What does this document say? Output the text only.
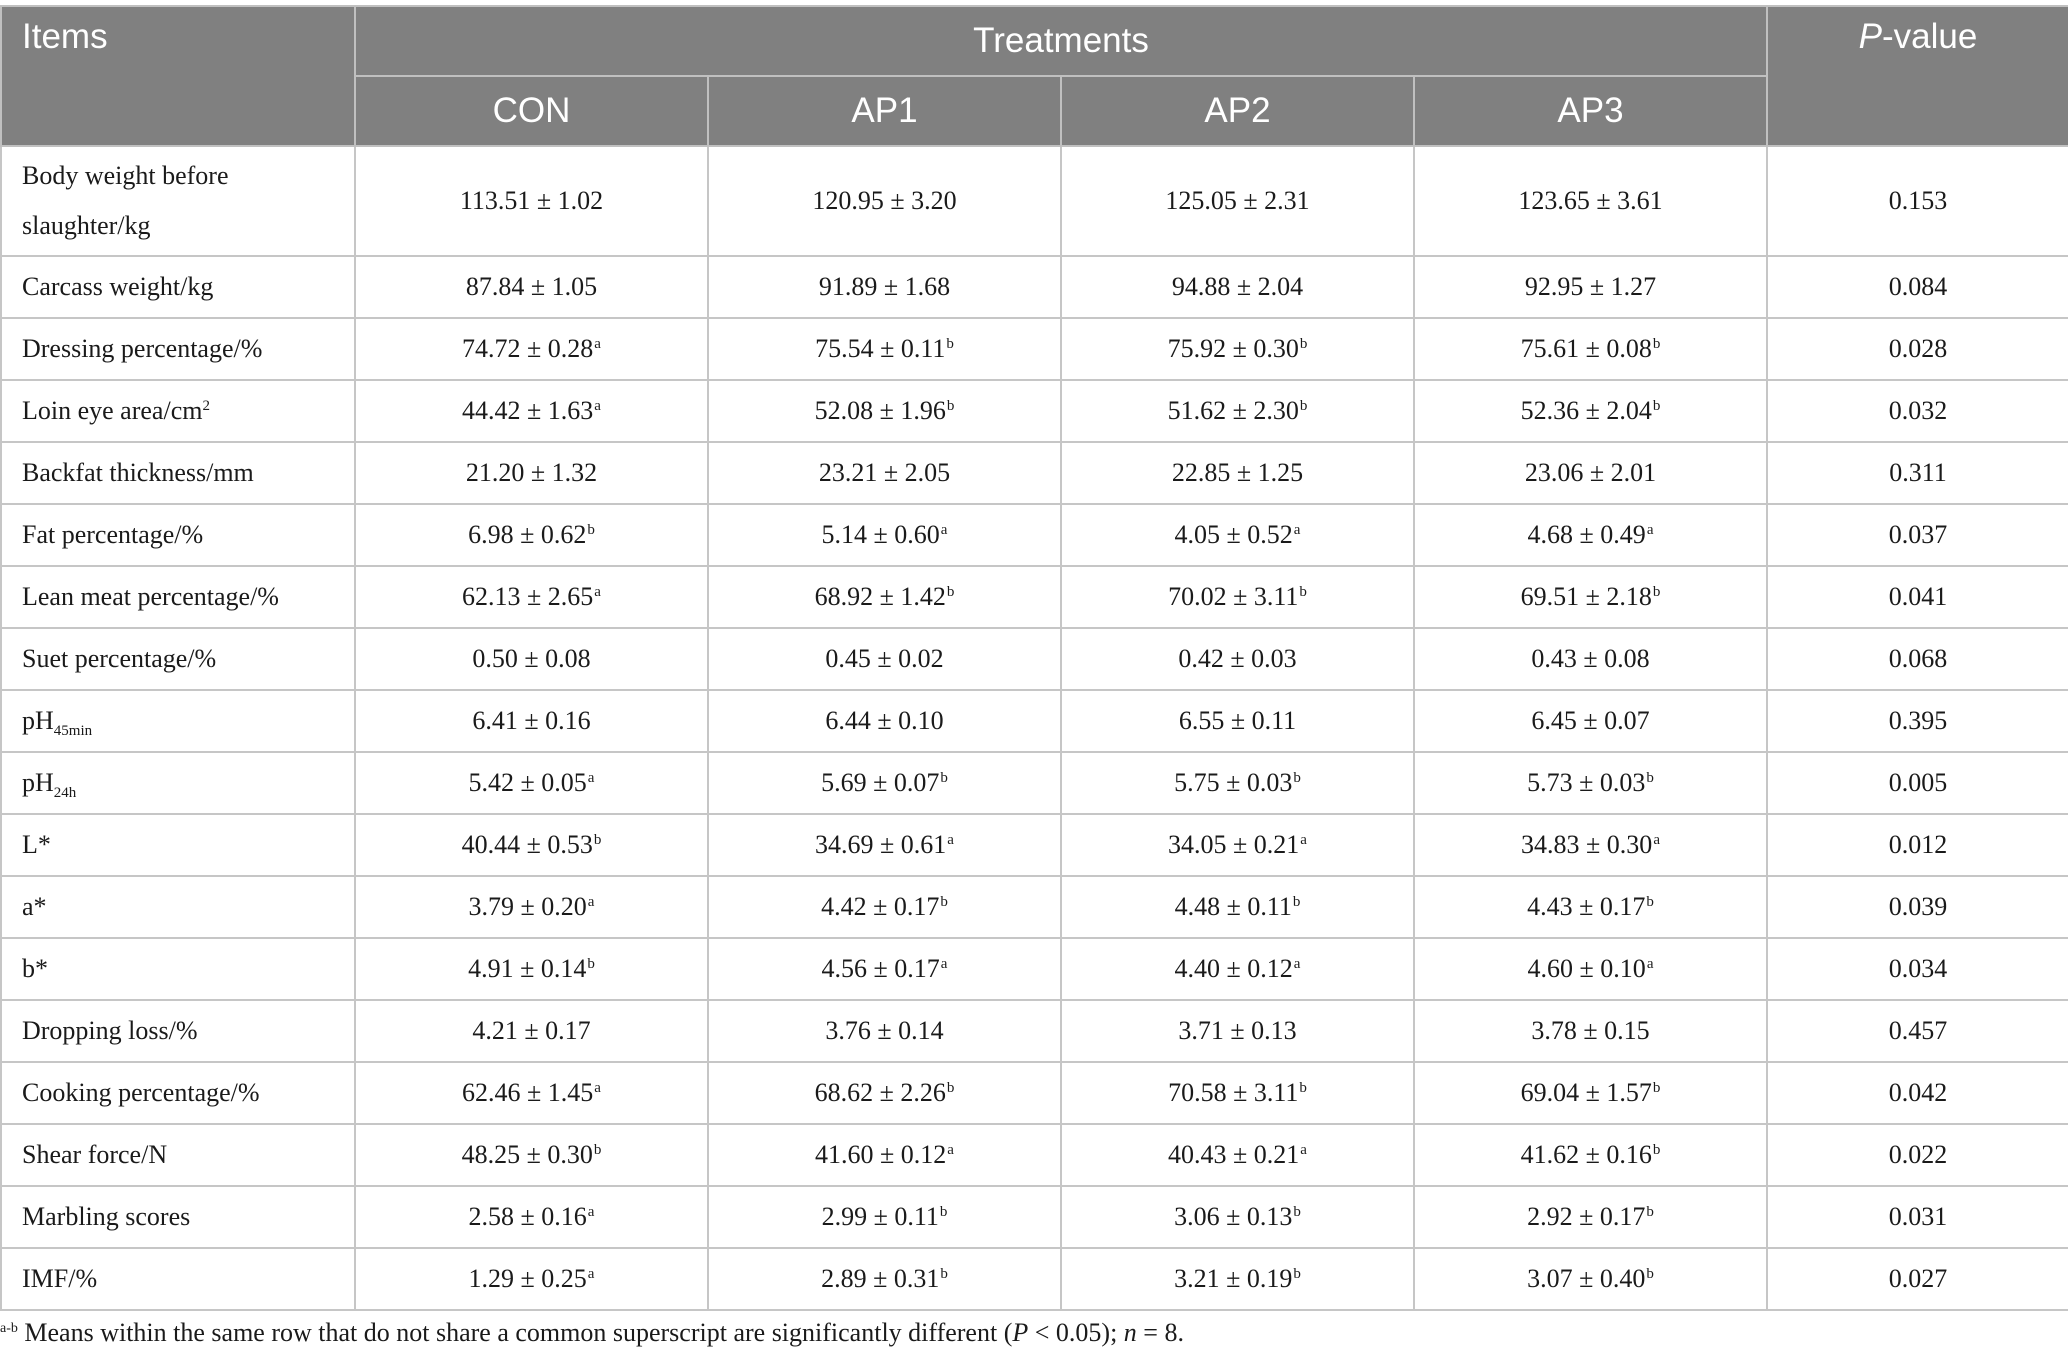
Items	Treatments				P-value
	CON	AP1	AP2	AP3	
Body weight before slaughter/kg	113.51 ± 1.02	120.95 ± 3.20	125.05 ± 2.31	123.65 ± 3.61	0.153
Carcass weight/kg	87.84 ± 1.05	91.89 ± 1.68	94.88 ± 2.04	92.95 ± 1.27	0.084
Dressing percentage/%	74.72 ± 0.28$^a$	75.54 ± 0.11$^b$	75.92 ± 0.30$^b$	75.61 ± 0.08$^b$	0.028
Loin eye area/$cm^2$	44.42 ± 1.63$^a$	52.08 ± 1.96$^b$	51.62 ± 2.30$^b$	52.36 ± 2.04$^b$	0.032
Backfat thickness/mm	21.20 ± 1.32	23.21 ± 2.05	22.85 ± 1.25	23.06 ± 2.01	0.311
Fat percentage/%	6.98 ± 0.62$^b$	5.14 ± 0.60$^a$	4.05 ± 0.52$^a$	4.68 ± 0.49$^a$	0.037
Lean meat percentage/%	62.13 ± 2.65$^a$	68.92 ± 1.42$^b$	70.02 ± 3.11$^b$	69.51 ± 2.18$^b$	0.041
Suet percentage/%	0.50 ± 0.08	0.45 ± 0.02	0.42 ± 0.03	0.43 ± 0.08	0.068
$pH_{45min}$	6.41 ± 0.16	6.44 ± 0.10	6.55 ± 0.11	6.45 ± 0.07	0.395
$pH_{24h}$	5.42 ± 0.05$^a$	5.69 ± 0.07$^b$	5.75 ± 0.03$^b$	5.73 ± 0.03$^b$	0.005
L*	40.44 ± 0.53$^b$	34.69 ± 0.61$^a$	34.05 ± 0.21$^a$	34.83 ± 0.30$^a$	0.012
a*	3.79 ± 0.20$^a$	4.42 ± 0.17$^b$	4.48 ± 0.11$^b$	4.43 ± 0.17$^b$	0.039
b*	4.91 ± 0.14$^b$	4.56 ± 0.17$^a$	4.40 ± 0.12$^a$	4.60 ± 0.10$^a$	0.034
Dropping loss/%	4.21 ± 0.17	3.76 ± 0.14	3.71 ± 0.13	3.78 ± 0.15	0.457
Cooking percentage/%	62.46 ± 1.45$^a$	68.62 ± 2.26$^b$	70.58 ± 3.11$^b$	69.04 ± 1.57$^b$	0.042
Shear force/N	48.25 ± 0.30$^b$	41.60 ± 0.12$^a$	40.43 ± 0.21$^a$	41.62 ± 0.16$^b$	0.022
Marbling scores	2.58 ± 0.16$^a$	2.99 ± 0.11$^b$	3.06 ± 0.13$^b$	2.92 ± 0.17$^b$	0.031
IMF/%	1.29 ± 0.25$^a$	2.89 ± 0.31$^b$	3.21 ± 0.19$^b$	3.07 ± 0.40$^b$	0.027
$^{a-b}$ Means within the same row that do not share a common superscript are significantly different (P < 0.05); n = 8.
